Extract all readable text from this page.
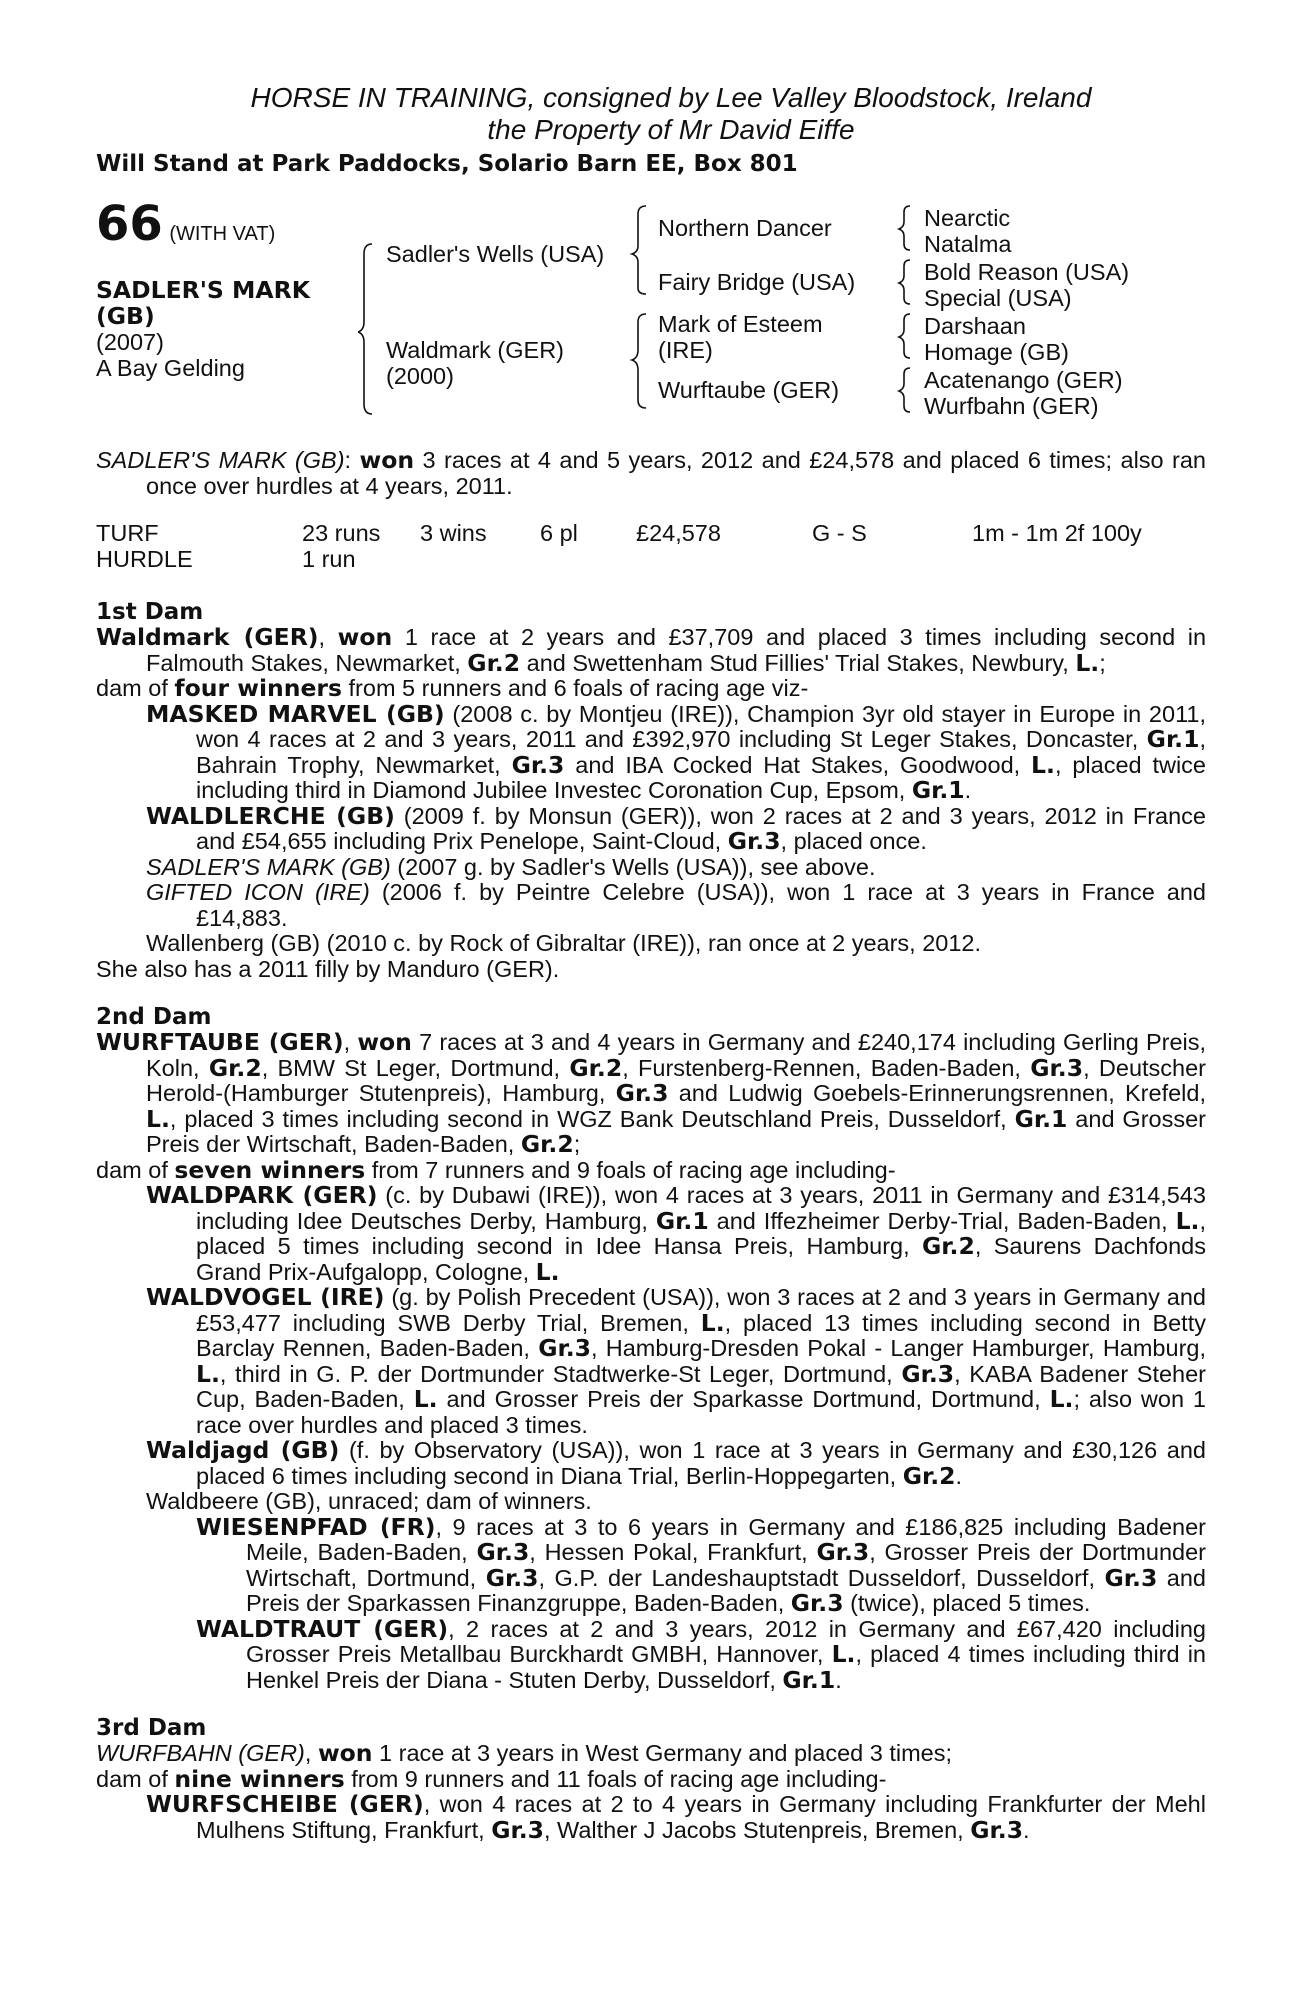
HORSE IN TRAINING, consigned by Lee Valley Bloodstock, Ireland
the Property of Mr David Eiffe
Will Stand at Park Paddocks, Solario Barn EE, Box 801
66 (WITH VAT)
SADLER'S MARK
(GB)
(2007)
A Bay Gelding
Sadler's Wells (USA)
Waldmark (GER)
(2000)
Northern Dancer
Fairy Bridge (USA)
Mark of Esteem
(IRE)
Wurftaube (GER)
Nearctic
Natalma
Bold Reason (USA)
Special (USA)
Darshaan
Homage (GB)
Acatenango (GER)
Wurfbahn (GER)

SADLER'S MARK (GB): won 3 races at 4 and 5 years, 2012 and £24,578 and placed 6 times; also ran once over hurdles at 4 years, 2011.

TURF	23 runs 3 wins 6 pl £24,578	G - S	1m - 1m 2f 100y
HURDLE	1 run
1st Dam

Waldmark (GER), won 1 race at 2 years and £37,709 and placed 3 times including second in Falmouth Stakes, Newmarket, Gr.2 and Swettenham Stud Fillies' Trial Stakes, Newbury, L.;

dam of four winners from 5 runners and 6 foals of racing age viz-

MASKED MARVEL (GB) (2008 c. by Montjeu (IRE)), Champion 3yr old stayer in Europe in 2011, won 4 races at 2 and 3 years, 2011 and £392,970 including St Leger Stakes, Doncaster, Gr.1, Bahrain Trophy, Newmarket, Gr.3 and IBA Cocked Hat Stakes, Goodwood, L., placed twice including third in Diamond Jubilee Investec Coronation Cup, Epsom, Gr.1.

WALDLERCHE (GB) (2009 f. by Monsun (GER)), won 2 races at 2 and 3 years, 2012 in France and £54,655 including Prix Penelope, Saint-Cloud, Gr.3, placed once.

SADLER'S MARK (GB) (2007 g. by Sadler's Wells (USA)), see above.

GIFTED ICON (IRE) (2006 f. by Peintre Celebre (USA)), won 1 race at 3 years in France and £14,883.

Wallenberg (GB) (2010 c. by Rock of Gibraltar (IRE)), ran once at 2 years, 2012.

She also has a 2011 filly by Manduro (GER).

2nd Dam

WURFTAUBE (GER), won 7 races at 3 and 4 years in Germany and £240,174 including Gerling Preis, Koln, Gr.2, BMW St Leger, Dortmund, Gr.2, Furstenberg-Rennen, Baden-Baden, Gr.3, Deutscher Herold-(Hamburger Stutenpreis), Hamburg, Gr.3 and Ludwig Goebels-Erinnerungsrennen, Krefeld, L., placed 3 times including second in WGZ Bank Deutschland Preis, Dusseldorf, Gr.1 and Grosser Preis der Wirtschaft, Baden-Baden, Gr.2;

dam of seven winners from 7 runners and 9 foals of racing age including-

WALDPARK (GER) (c. by Dubawi (IRE)), won 4 races at 3 years, 2011 in Germany and £314,543 including Idee Deutsches Derby, Hamburg, Gr.1 and Iffezheimer Derby-Trial, Baden-Baden, L., placed 5 times including second in Idee Hansa Preis, Hamburg, Gr.2, Saurens Dachfonds Grand Prix-Aufgalopp, Cologne, L.

WALDVOGEL (IRE) (g. by Polish Precedent (USA)), won 3 races at 2 and 3 years in Germany and £53,477 including SWB Derby Trial, Bremen, L., placed 13 times including second in Betty Barclay Rennen, Baden-Baden, Gr.3, Hamburg-Dresden Pokal - Langer Hamburger, Hamburg, L., third in G. P. der Dortmunder Stadtwerke-St Leger, Dortmund, Gr.3, KABA Badener Steher Cup, Baden-Baden, L. and Grosser Preis der Sparkasse Dortmund, Dortmund, L.; also won 1 race over hurdles and placed 3 times.

Waldjagd (GB) (f. by Observatory (USA)), won 1 race at 3 years in Germany and £30,126 and placed 6 times including second in Diana Trial, Berlin-Hoppegarten, Gr.2.

Waldbeere (GB), unraced; dam of winners.

WIESENPFAD (FR), 9 races at 3 to 6 years in Germany and £186,825 including Badener Meile, Baden-Baden, Gr.3, Hessen Pokal, Frankfurt, Gr.3, Grosser Preis der Dortmunder Wirtschaft, Dortmund, Gr.3, G.P. der Landeshauptstadt Dusseldorf, Dusseldorf, Gr.3 and Preis der Sparkassen Finanzgruppe, Baden-Baden, Gr.3 (twice), placed 5 times.

WALDTRAUT (GER), 2 races at 2 and 3 years, 2012 in Germany and £67,420 including Grosser Preis Metallbau Burckhardt GMBH, Hannover, L., placed 4 times including third in Henkel Preis der Diana - Stuten Derby, Dusseldorf, Gr.1.

3rd Dam

WURFBAHN (GER), won 1 race at 3 years in West Germany and placed 3 times;

dam of nine winners from 9 runners and 11 foals of racing age including-

WURFSCHEIBE (GER), won 4 races at 2 to 4 years in Germany including Frankfurter der Mehl Mulhens Stiftung, Frankfurt, Gr.3, Walther J Jacobs Stutenpreis, Bremen, Gr.3.
